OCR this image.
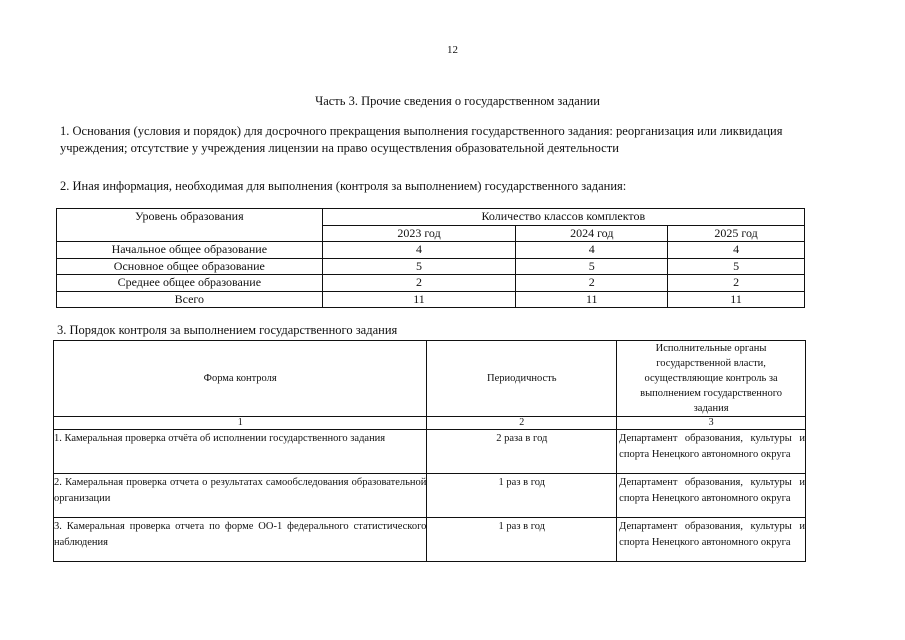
12
Часть 3. Прочие сведения о государственном задании
1. Основания (условия и порядок) для досрочного прекращения выполнения государственного задания: реорганизация или ликвидация учреждения; отсутствие у учреждения лицензии на право осуществления образовательной деятельности
2. Иная информация, необходимая для выполнения (контроля за выполнением) государственного задания:
Уровень образования	Количество классов комплектов		
	2023 год	2024 год	2025 год
Начальное общее образование	4	4	4
Основное общее образование	5	5	5
Среднее общее образование	2	2	2
Всего	11	11	11
3. Порядок контроля за выполнением государственного задания
Форма контроля	Периодичность	Исполнительные органы государственной власти, осуществляющие контроль за выполнением государственного задания
1	2	3
1. Камеральная проверка отчёта об исполнении государственного задания	2 раза в год	Департамент образования, культуры и спорта Ненецкого автономного округа
2. Камеральная проверка отчета о результатах самообследования образовательной организации	1 раз в год	Департамент образования, культуры и спорта Ненецкого автономного округа
3. Камеральная проверка отчета по форме ОО-1 федерального статистического наблюдения	1 раз в год	Департамент образования, культуры и спорта Ненецкого автономного округа
